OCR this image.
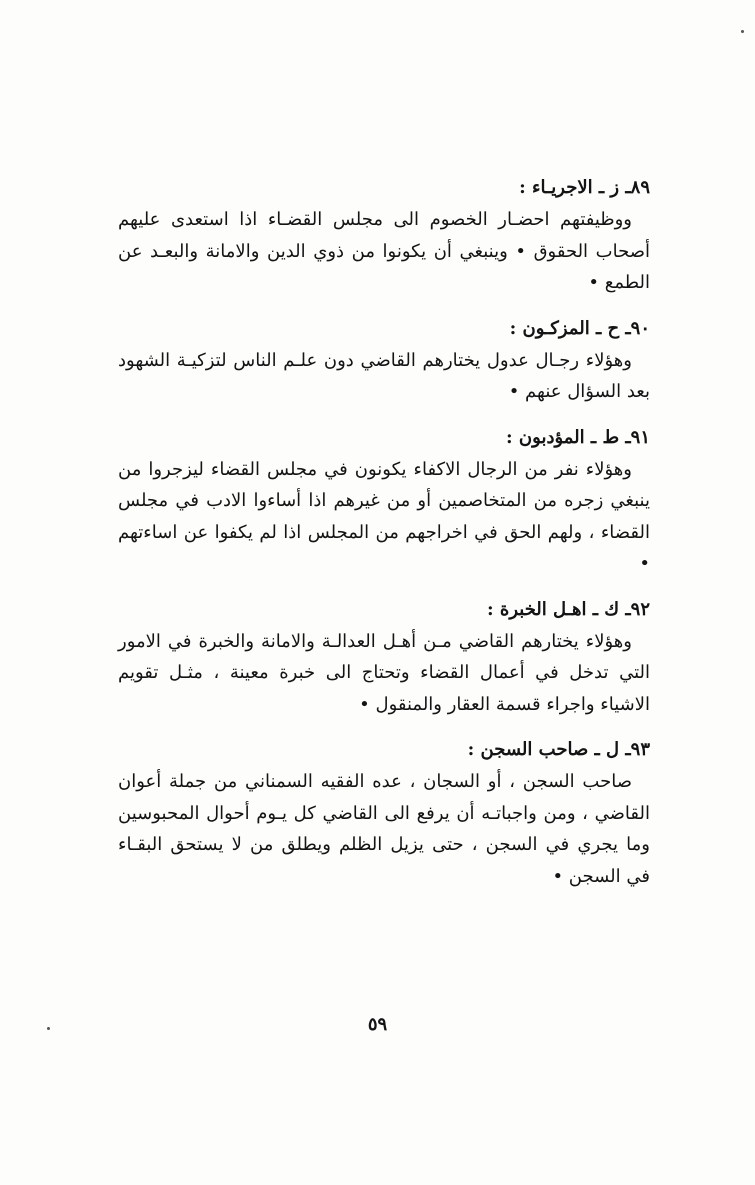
٨٩ـ ز ـ الاجريـاء :

ووظيفتهم احضـار الخصوم الى مجلس القضـاء اذا استعدى عليهم أصحاب الحقوق • وينبغي أن يكونوا من ذوي الدين والامانة والبعـد عن الطمع •

٩٠ـ ح ـ المزكـون :

وهؤلاء رجـال عدول يختارهم القاضي دون علـم الناس لتزكيـة الشهود بعد السؤال عنهم •

٩١ـ ط ـ المؤدبون :

وهؤلاء نفر من الرجال الاكفاء يكونون في مجلس القضاء ليزجروا من ينبغي زجره من المتخاصمين أو من غيرهم اذا أساءوا الادب في مجلس القضاء ، ولهم الحق في اخراجهم من المجلس اذا لم يكفوا عن اساءتهم •

٩٢ـ ك ـ اهـل الخبرة :

وهؤلاء يختارهم القاضي مـن أهـل العدالـة والامانة والخبرة في الامور التي تدخل في أعمال القضاء وتحتاج الى خبرة معينة ، مثـل تقويم الاشياء واجراء قسمة العقار والمنقول •

٩٣ـ ل ـ صاحب السجن :

صاحب السجن ، أو السجان ، عده الفقيه السمناني من جملة أعوان القاضي ، ومن واجباتـه أن يرفع الى القاضي كل يـوم أحوال المحبوسين وما يجري في السجن ، حتى يزيل الظلم ويطلق من لا يستحق البقـاء في السجن •

٥٩
